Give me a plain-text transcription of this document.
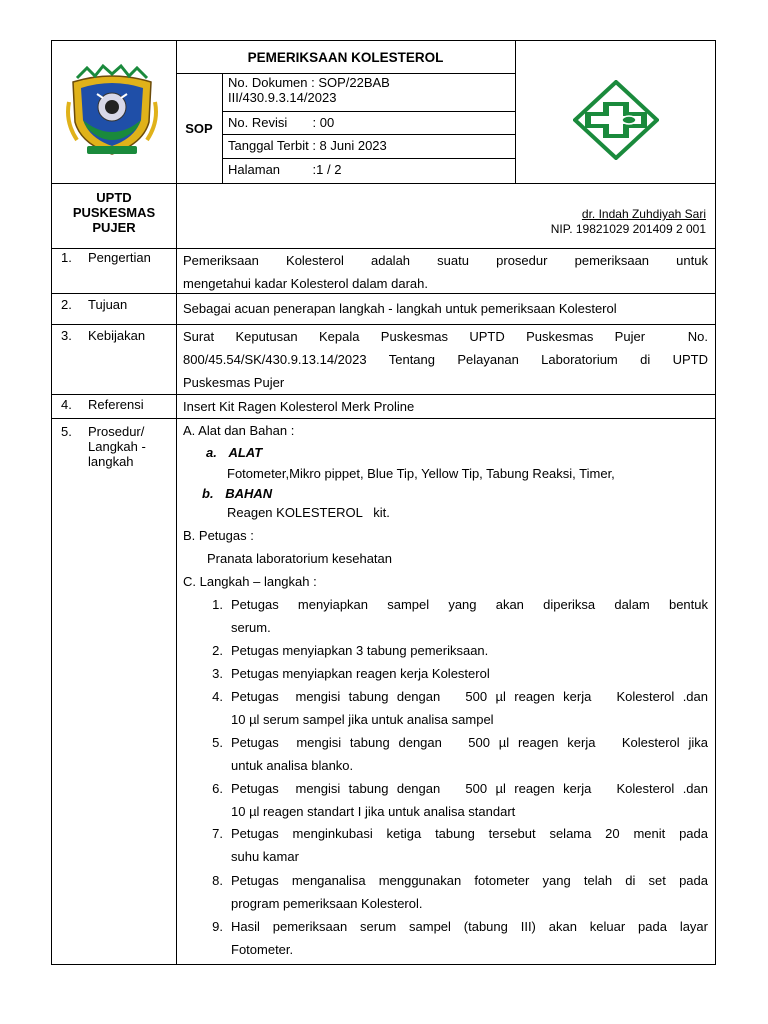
PEMERIKSAAN KOLESTEROL
SOP
No. Dokumen : SOP/22BAB
III/430.9.3.14/2023
No. Revisi       : 00
Tanggal Terbit : 8 Juni 2023
Halaman         :1 / 2
UPTD
PUSKESMAS
PUJER
dr. Indah Zuhdiyah Sari
NIP. 19821029 201409 2 001
1. Pengertian Pemeriksaan  Kolesterol  adalah  suatu  prosedur  pemeriksaan  untuk
mengetahui kadar Kolesterol dalam darah.
2. Tujuan	Sebagai acuan penerapan langkah - langkah untuk pemeriksaan Kolesterol
3. Kebijakan	Surat  Keputusan  Kepala  Puskesmas  UPTD  Puskesmas  Pujer    No.
800/45.54/SK/430.9.13.14/2023  Tentang  Pelayanan  Laboratorium  di  UPTD
Puskesmas Pujer
4. Referensi	Insert Kit Ragen Kolesterol Merk Proline
5. Prosedur/
Langkah -
langkah
A. Alat dan Bahan :
a. ALAT
Fotometer,Mikro pippet, Blue Tip, Yellow Tip, Tabung Reaksi, Timer,
b. BAHAN
Reagen KOLESTEROL   kit.
B. Petugas :
Pranata laboratorium kesehatan
C. Langkah – langkah :
1. Petugas  menyiapkan  sampel  yang  akan  diperiksa  dalam  bentuk
serum.
2. Petugas menyiapkan 3 tabung pemeriksaan.
3. Petugas menyiapkan reagen kerja Kolesterol
4. Petugas  mengisi tabung dengan   500 µl reagen kerja   Kolesterol .dan
10 µl serum sampel jika untuk analisa sampel
5. Petugas  mengisi tabung dengan   500 µl reagen kerja   Kolesterol jika
untuk analisa blanko.
6. Petugas  mengisi tabung dengan   500 µl reagen kerja   Kolesterol .dan
10 µl reagen standart I jika untuk analisa standart
7. Petugas  menginkubasi  ketiga  tabung  tersebut  selama  20  menit  pada
suhu kamar
8. Petugas  menganalisa  menggunakan  fotometer  yang  telah  di  set  pada
program pemeriksaan Kolesterol.
9. Hasil  pemeriksaan  serum  sampel  (tabung  III)  akan  keluar  pada  layar
Fotometer.
